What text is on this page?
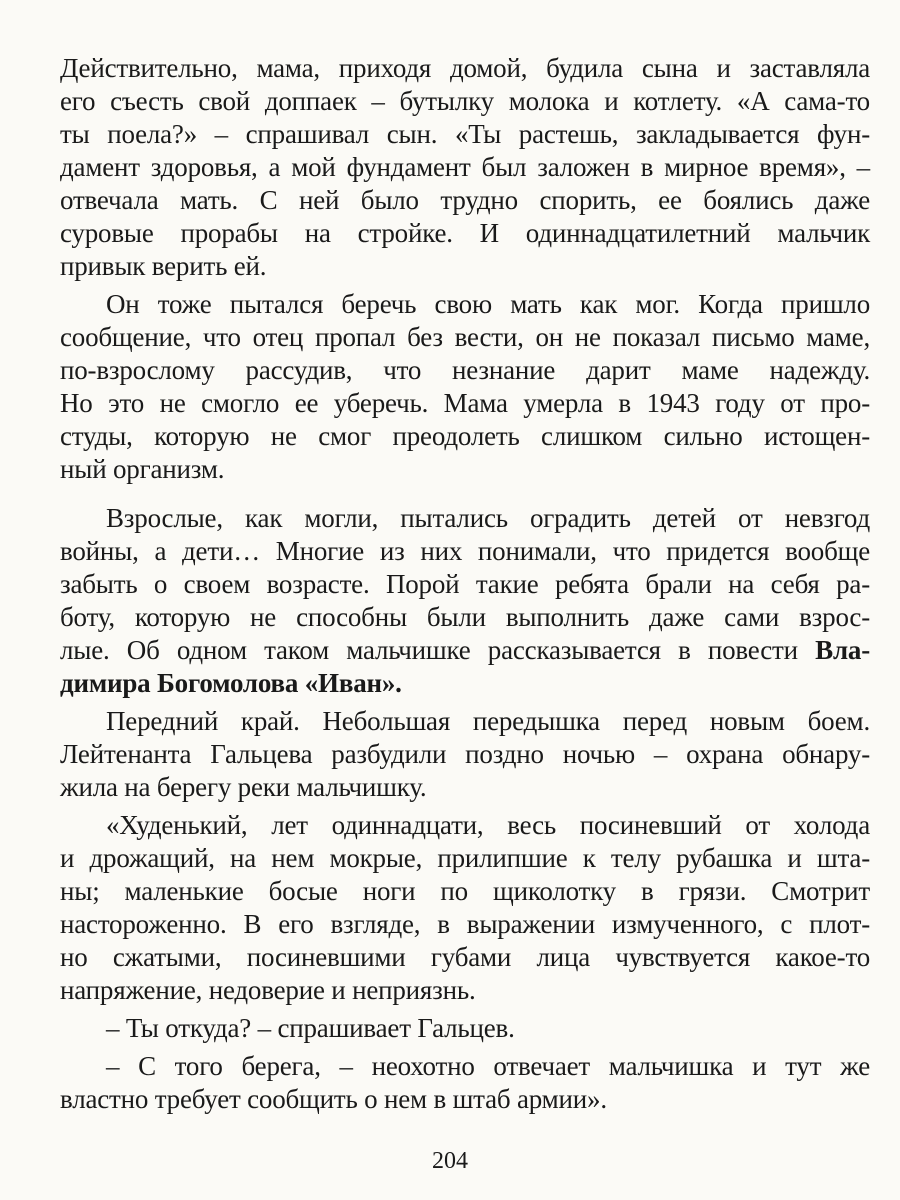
Действительно, мама, приходя домой, будила сына и заставляла
его съесть свой доппаек – бутылку молока и котлету. «А сама-то
ты поела?» – спрашивал сын. «Ты растешь, закладывается фун-
дамент здоровья, а мой фундамент был заложен в мирное время», –
отвечала мать. С ней было трудно спорить, ее боялись даже
суровые прорабы на стройке. И одиннадцатилетний мальчик
привык верить ей.
Он тоже пытался беречь свою мать как мог. Когда пришло
сообщение, что отец пропал без вести, он не показал письмо маме,
по-взрослому рассудив, что незнание дарит маме надежду.
Но это не смогло ее уберечь. Мама умерла в 1943 году от про-
студы, которую не смог преодолеть слишком сильно истощен-
ный организм.
Взрослые, как могли, пытались оградить детей от невзгод
войны, а дети… Многие из них понимали, что придется вообще
забыть о своем возрасте. Порой такие ребята брали на себя ра-
боту, которую не способны были выполнить даже сами взрос-
лые. Об одном таком мальчишке рассказывается в повести Вла-
димира Богомолова «Иван».
Передний край. Небольшая передышка перед новым боем.
Лейтенанта Гальцева разбудили поздно ночью – охрана обнару-
жила на берегу реки мальчишку.
«Худенький, лет одиннадцати, весь посиневший от холода
и дрожащий, на нем мокрые, прилипшие к телу рубашка и шта-
ны; маленькие босые ноги по щиколотку в грязи. Смотрит
настороженно. В его взгляде, в выражении измученного, с плот-
но сжатыми, посиневшими губами лица чувствуется какое-то
напряжение, недоверие и неприязнь.
– Ты откуда? – спрашивает Гальцев.
– С того берега, – неохотно отвечает мальчишка и тут же
властно требует сообщить о нем в штаб армии».
204
